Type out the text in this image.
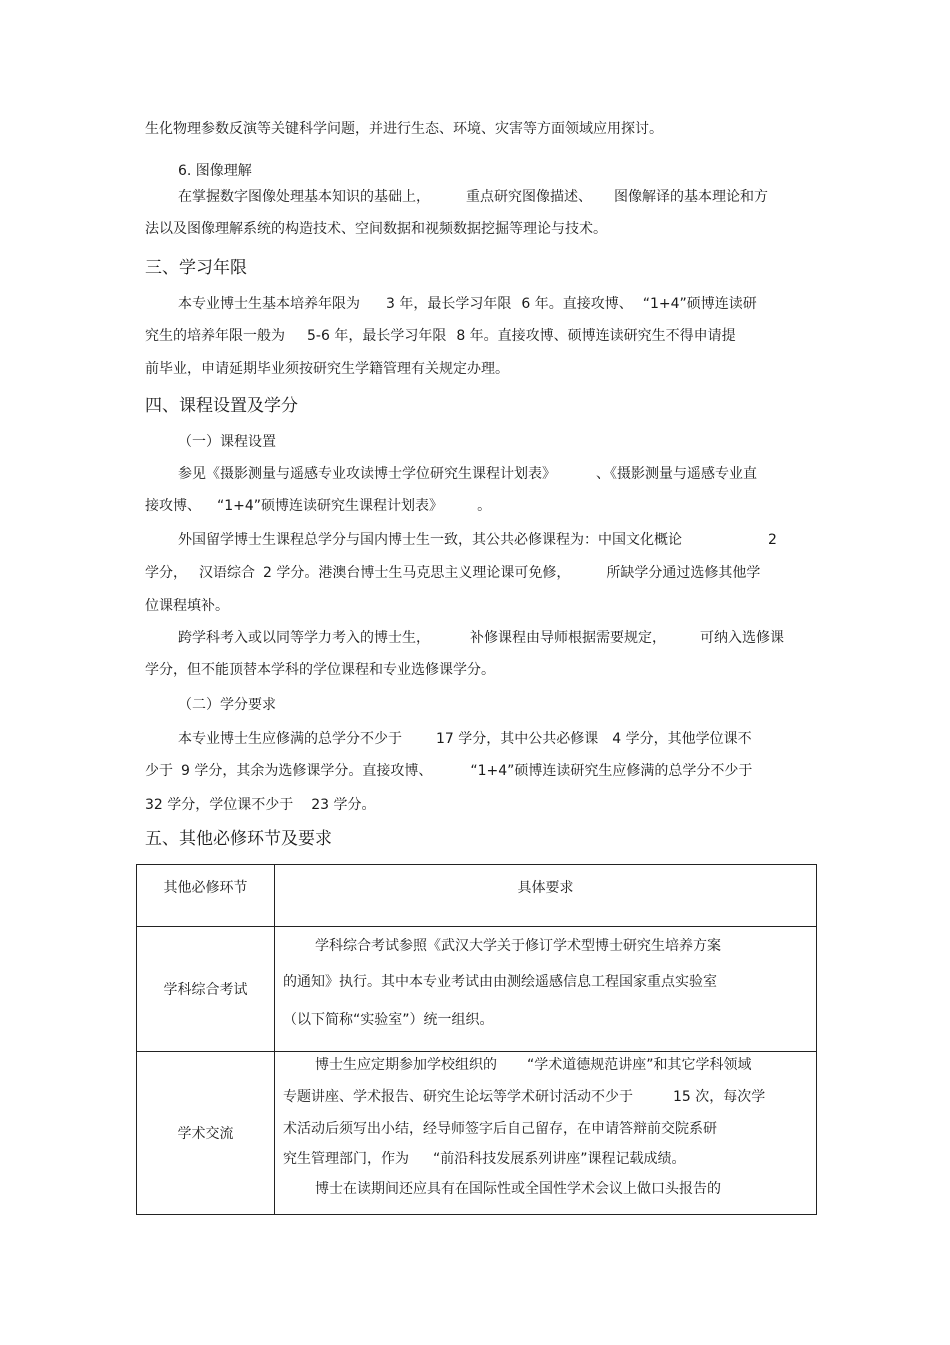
生化物理参数反演等关键科学问题，并进行生态、环境、灾害等方面领域应用探讨。
6. 图像理解
在掌握数字图像处理基本知识的基础上，	重点研究图像描述、 图像解译的基本理论和方
法以及图像理解系统的构造技术、空间数据和视频数据挖掘等理论与技术。
三、学习年限
本专业博士生基本培养年限为 3 年，最长学习年限 6 年。直接攻博、 “1+4”硕博连读研
究生的培养年限一般为 5-6 年，最长学习年限 8 年。直接攻博、硕博连读研究生不得申请提
前毕业，申请延期毕业须按研究生学籍管理有关规定办理。
四、课程设置及学分
（一）课程设置
参见《摄影测量与遥感专业攻读博士学位研究生课程计划表》	、《摄影测量与遥感专业直
接攻博、 “1+4”硕博连读研究生课程计划表》 。
外国留学博士生课程总学分与国内博士生一致，其公共必修课程为：中国文化概论	2
学分， 汉语综合 2 学分。港澳台博士生马克思主义理论课可免修，	所缺学分通过选修其他学
位课程填补。
跨学科考入或以同等学力考入的博士生，	补修课程由导师根据需要规定， 可纳入选修课
学分，但不能顶替本学科的学位课程和专业选修课学分。
（二）学分要求
本专业博士生应修满的总学分不少于 17 学分，其中公共必修课 4 学分，其他学位课不
少于 9 学分，其余为选修课学分。直接攻博、	“1+4”硕博连读研究生应修满的总学分不少于
32 学分，学位课不少于 23 学分。
五、其他必修环节及要求
其他必修环节	具体要求
学科综合考试	学科综合考试参照《武汉大学关于修订学术型博士研究生培养方案
的通知》执行。其中本专业考试由由测绘遥感信息工程国家重点实验室
（以下简称“实验室”）统一组织。

学术交流	博士生应定期参加学校组织的 “学术道德规范讲座”和其它学科领域
专题讲座、学术报告、研究生论坛等学术研讨活动不少于 15 次，每次学
术活动后须写出小结，经导师签字后自己留存，在申请答辩前交院系研
究生管理部门，作为 “前沿科技发展系列讲座”课程记载成绩。
博士在读期间还应具有在国际性或全国性学术会议上做口头报告的
